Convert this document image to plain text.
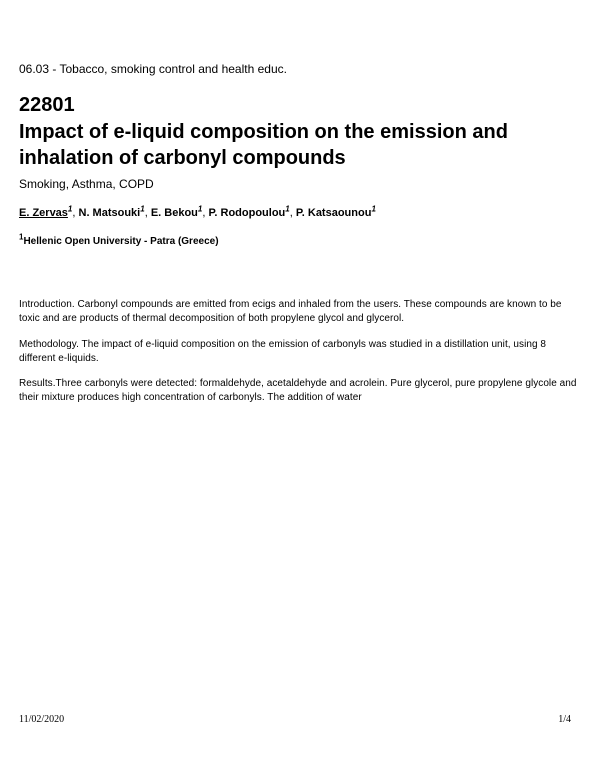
06.03 - Tobacco, smoking control and health educ.
22801
Impact of e-liquid composition on the emission and inhalation of carbonyl compounds
Smoking, Asthma, COPD
E. Zervas$^1$, N. Matsouki$^1$, E. Bekou$^1$, P. Rodopoulou$^1$, P. Katsaounou$^1$
$^1$Hellenic Open University - Patra (Greece)
Introduction. Carbonyl compounds are emitted from ecigs and inhaled from the users. These compounds are known to be toxic and are products of thermal decomposition of both propylene glycol and glycerol.
Methodology. The impact of e-liquid composition on the emission of carbonyls was studied in a distillation unit, using 8 different e-liquids.
Results.Three carbonyls were detected: formaldehyde, acetaldehyde and acrolein. Pure glycerol, pure propylene glycole and their mixture produces high concentration of carbonyls. The addition of water
11/02/2020	1/4
